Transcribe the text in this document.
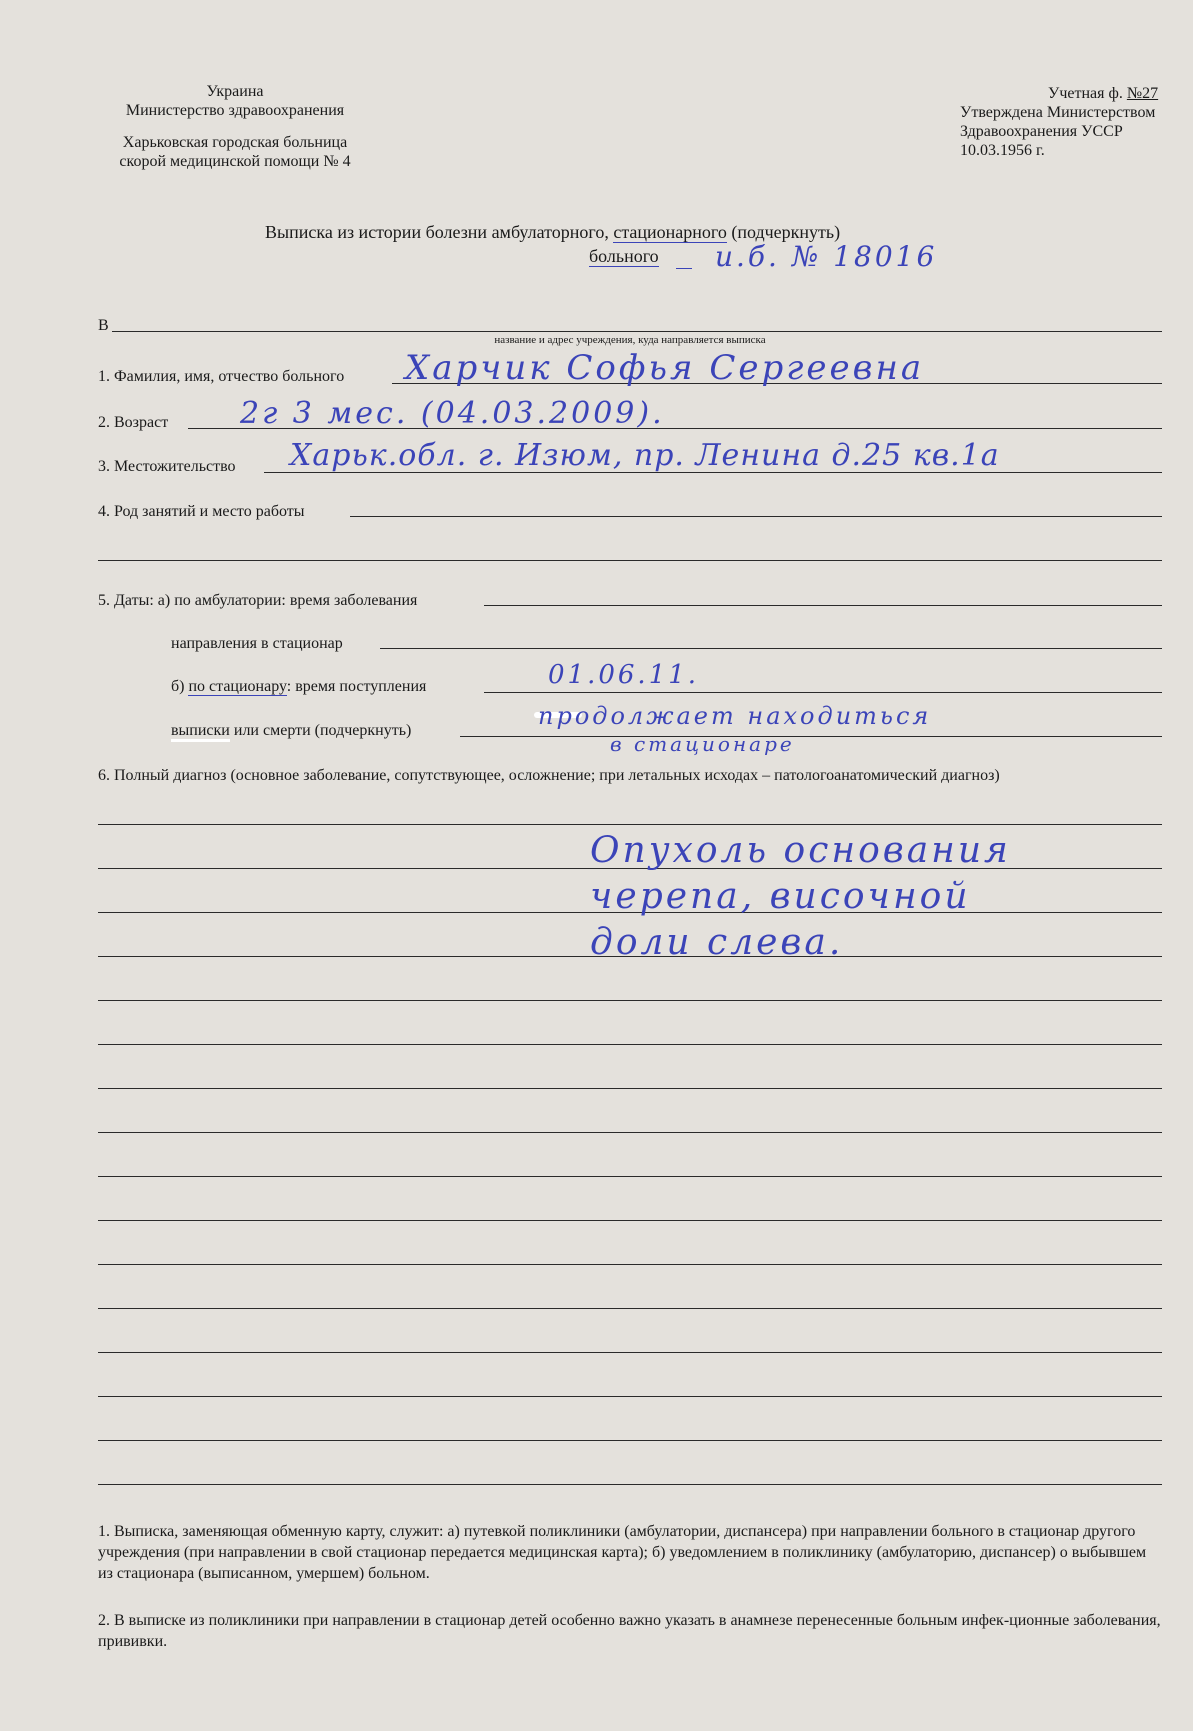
Украина
Министерство здравоохранения
Харьковская городская больница
скорой медицинской помощи № 4
Учетная ф. №27
Утверждена Министерством
Здравоохранения УССР
10.03.1956 г.
Выписка из истории болезни амбулаторного, стационарного (подчеркнуть)
больного и.б. № 18016
В
название и адрес учреждения, куда направляется выписка
1. Фамилия, имя, отчество больного Харчик Софья Сергеевна
2. Возраст 2г 3 мес. (04.03.2009).
3. Местожительство Харьк.обл. г. Изюм, пр. Ленина д.25 кв.1а
4. Род занятий и место работы
5. Даты: а) по амбулатории: время заболевания
направления в стационар
б) по стационару: время поступления	01.06.11.
выписки или смерти (подчеркнуть)
продолжает находиться
в стационаре
6. Полный диагноз (основное заболевание, сопутствующее, осложнение; при летальных исходах – патологоанатомический диагноз)
Опухоль основания
черепа, височной
доли слева.
1. Выписка, заменяющая обменную карту, служит: а) путевкой поликлиники (амбулатории, диспансера) при направлении больного в стационар другого учреждения (при направлении в свой стационар передается медицинская карта); б) уведомлением в поликлинику (амбулаторию, диспансер) о выбывшем из стационара (выписанном, умершем) больном.
2. В выписке из поликлиники при направлении в стационар детей особенно важно указать в анамнезе перенесенные больным инфек-ционные заболевания, прививки.
